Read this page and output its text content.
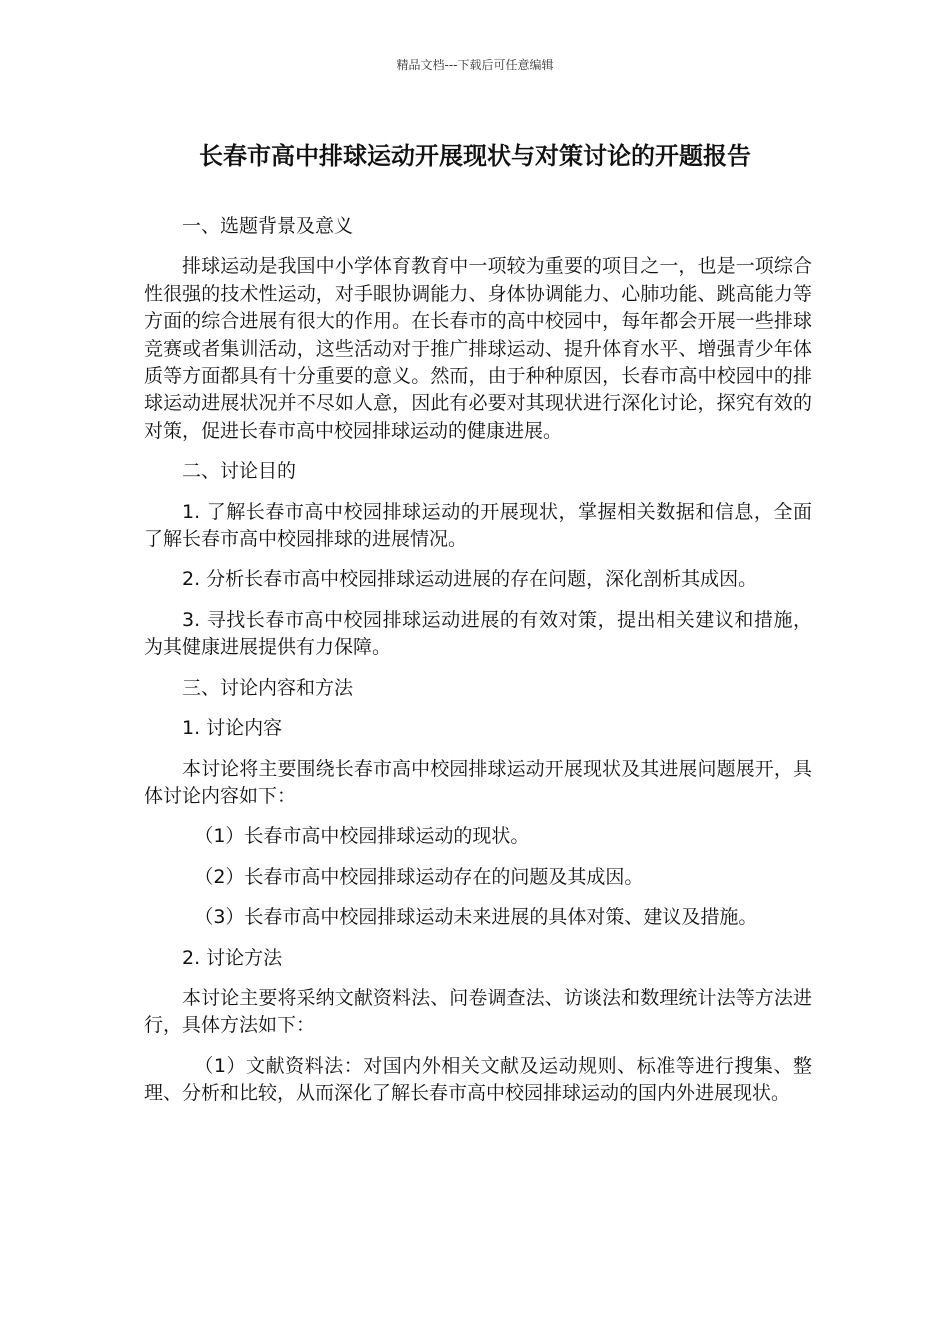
精品文档---下载后可任意编辑
长春市高中排球运动开展现状与对策讨论的开题报告

一、选题背景及意义

排球运动是我国中小学体育教育中一项较为重要的项目之一，也是一项综合性很强的技术性运动，对手眼协调能力、身体协调能力、心肺功能、跳高能力等方面的综合进展有很大的作用。在长春市的高中校园中，每年都会开展一些排球竞赛或者集训活动，这些活动对于推广排球运动、提升体育水平、增强青少年体质等方面都具有十分重要的意义。然而，由于种种原因，长春市高中校园中的排球运动进展状况并不尽如人意，因此有必要对其现状进行深化讨论，探究有效的对策，促进长春市高中校园排球运动的健康进展。

二、讨论目的

1. 了解长春市高中校园排球运动的开展现状，掌握相关数据和信息，全面了解长春市高中校园排球的进展情况。

2. 分析长春市高中校园排球运动进展的存在问题，深化剖析其成因。

3. 寻找长春市高中校园排球运动进展的有效对策，提出相关建议和措施，为其健康进展提供有力保障。

三、讨论内容和方法

1. 讨论内容

本讨论将主要围绕长春市高中校园排球运动开展现状及其进展问题展开，具体讨论内容如下：

（1）长春市高中校园排球运动的现状。

（2）长春市高中校园排球运动存在的问题及其成因。

（3）长春市高中校园排球运动未来进展的具体对策、建议及措施。

2. 讨论方法

本讨论主要将采纳文献资料法、问卷调查法、访谈法和数理统计法等方法进行，具体方法如下：

（1）文献资料法：对国内外相关文献及运动规则、标准等进行搜集、整理、分析和比较，从而深化了解长春市高中校园排球运动的国内外进展现状。
